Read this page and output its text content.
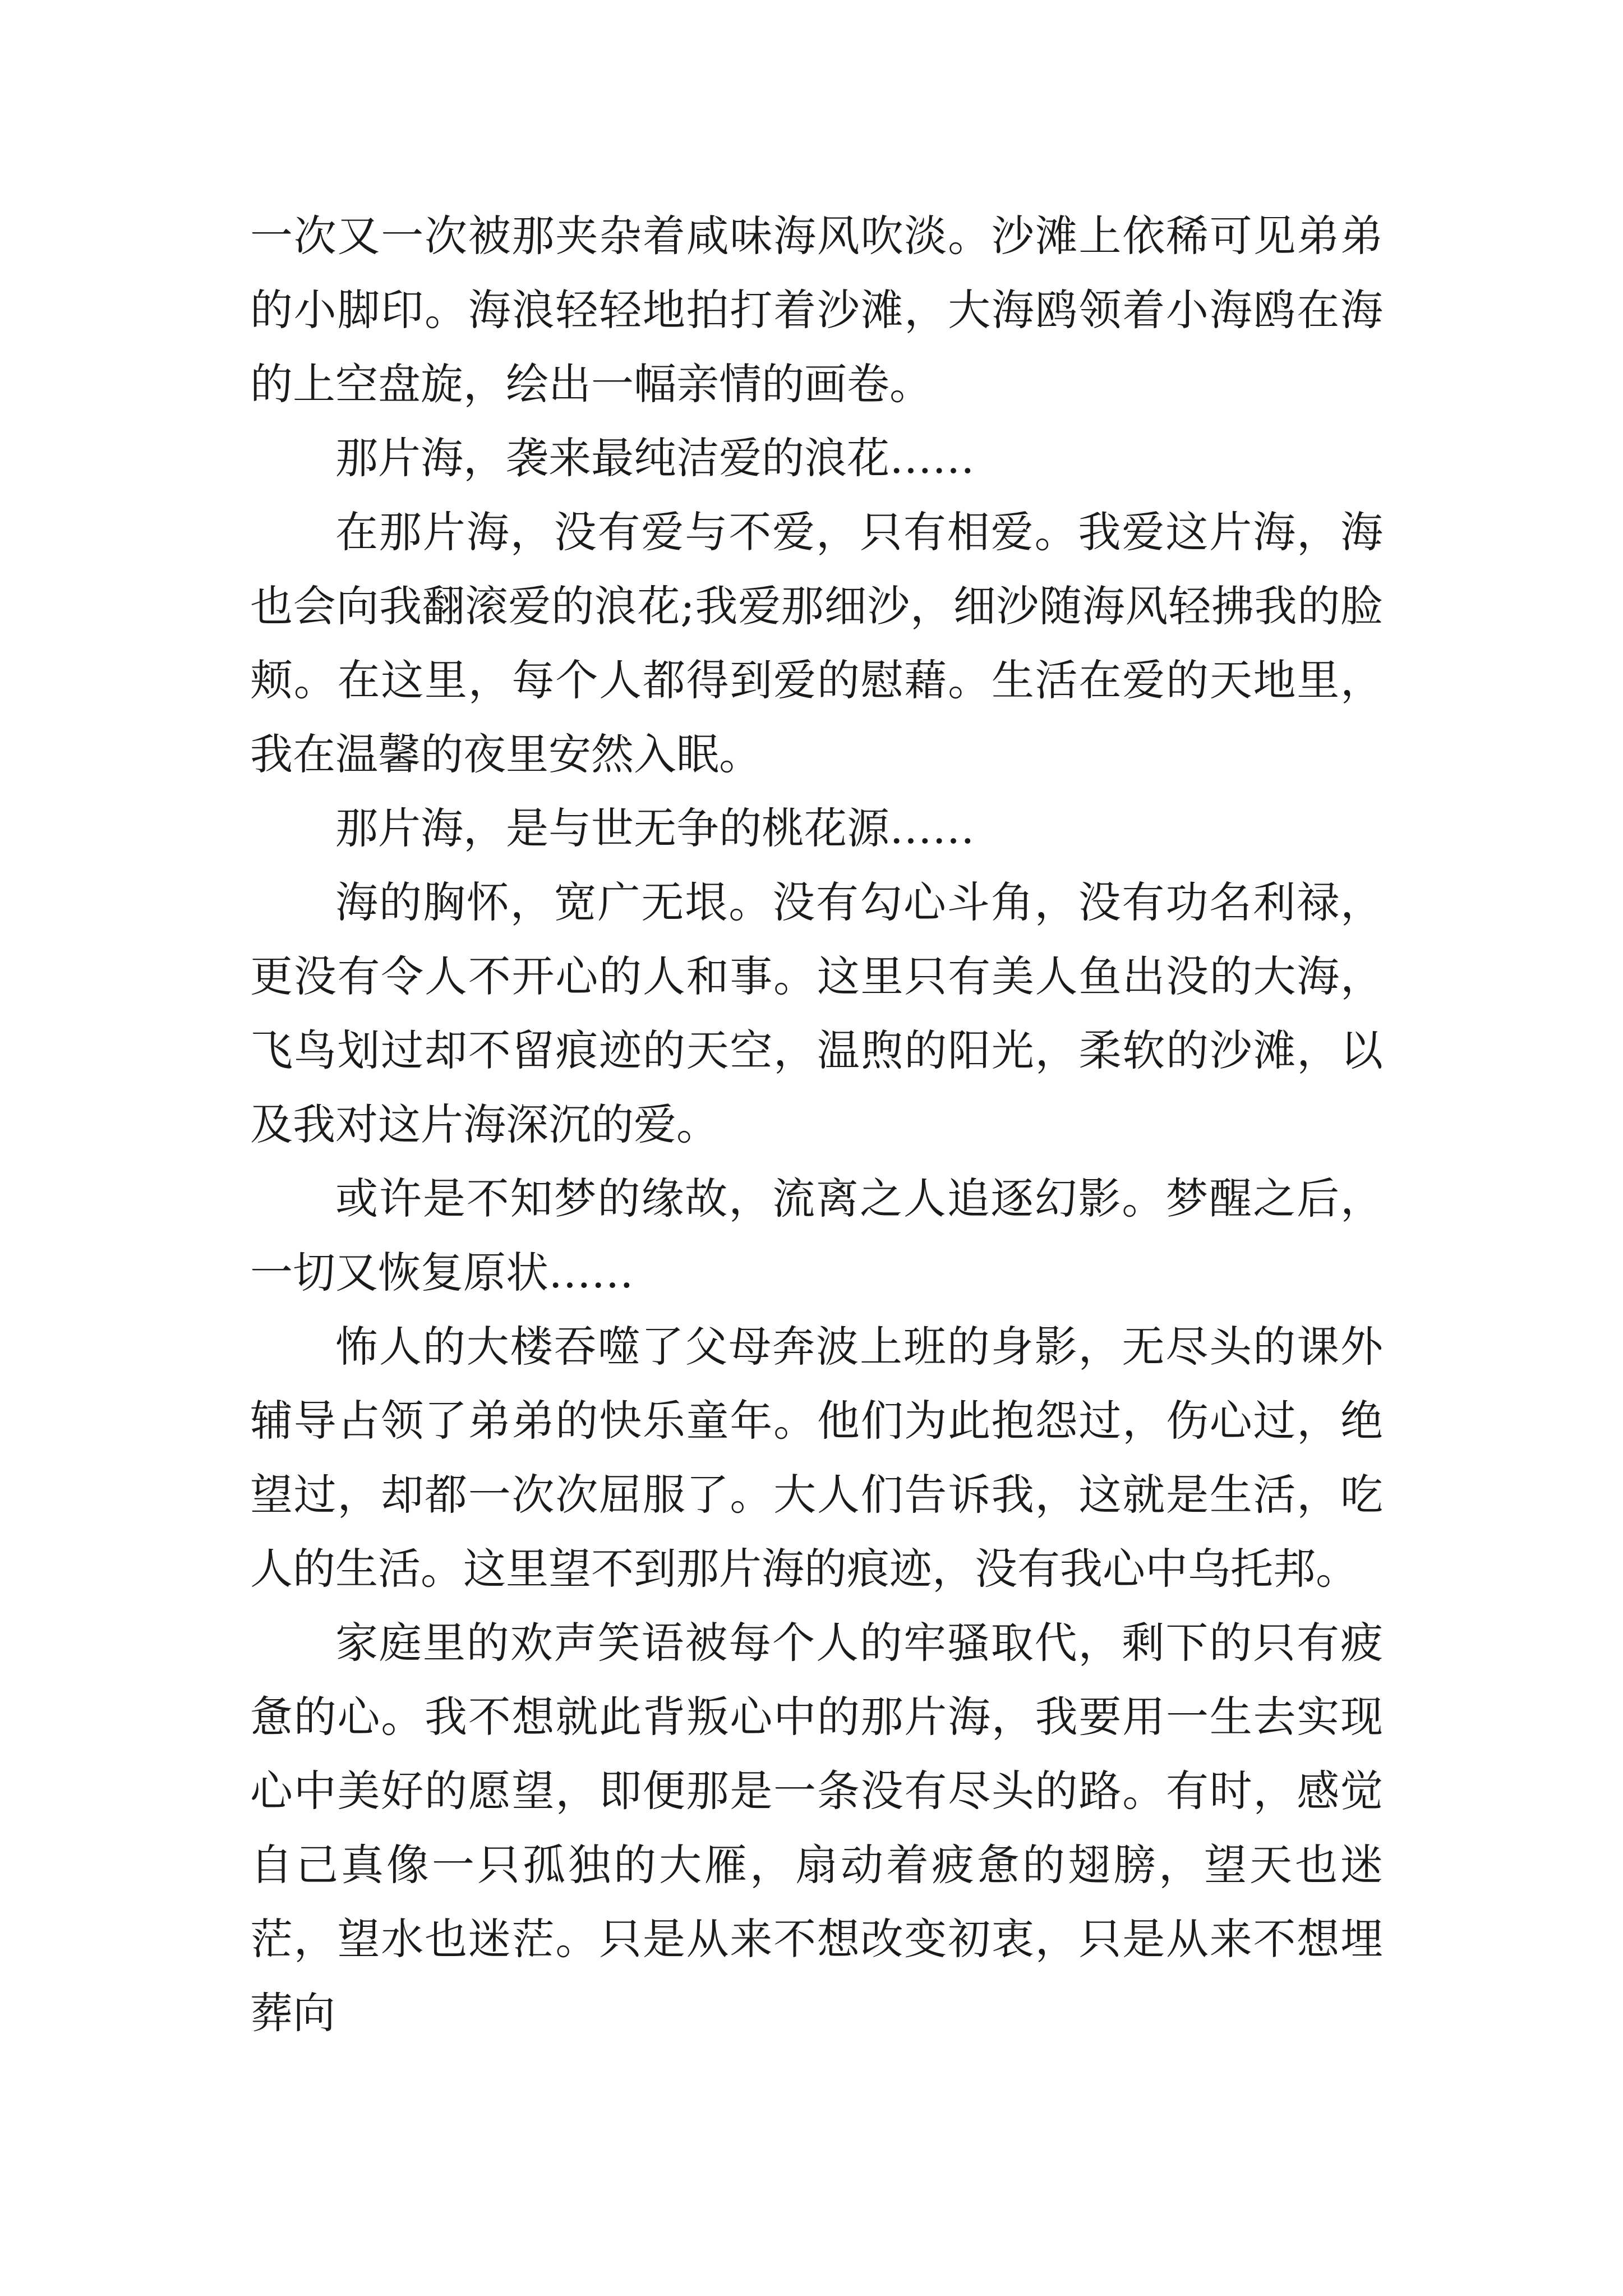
一次又一次被那夹杂着咸味海风吹淡。沙滩上依稀可见弟弟的小脚印。海浪轻轻地拍打着沙滩，大海鸥领着小海鸥在海的上空盘旋，绘出一幅亲情的画卷。

那片海，袭来最纯洁爱的浪花……

在那片海，没有爱与不爱，只有相爱。我爱这片海，海也会向我翻滚爱的浪花;我爱那细沙，细沙随海风轻拂我的脸颊。在这里，每个人都得到爱的慰藉。生活在爱的天地里，我在温馨的夜里安然入眠。

那片海，是与世无争的桃花源……

海的胸怀，宽广无垠。没有勾心斗角，没有功名利禄，更没有令人不开心的人和事。这里只有美人鱼出没的大海，飞鸟划过却不留痕迹的天空，温煦的阳光，柔软的沙滩，以及我对这片海深沉的爱。

或许是不知梦的缘故，流离之人追逐幻影。梦醒之后，一切又恢复原状……

怖人的大楼吞噬了父母奔波上班的身影，无尽头的课外辅导占领了弟弟的快乐童年。他们为此抱怨过，伤心过，绝望过，却都一次次屈服了。大人们告诉我，这就是生活，吃人的生活。这里望不到那片海的痕迹，没有我心中乌托邦。

家庭里的欢声笑语被每个人的牢骚取代，剩下的只有疲惫的心。我不想就此背叛心中的那片海，我要用一生去实现心中美好的愿望，即便那是一条没有尽头的路。有时，感觉自己真像一只孤独的大雁，扇动着疲惫的翅膀，望天也迷茫，望水也迷茫。只是从来不想改变初衷，只是从来不想埋葬向
